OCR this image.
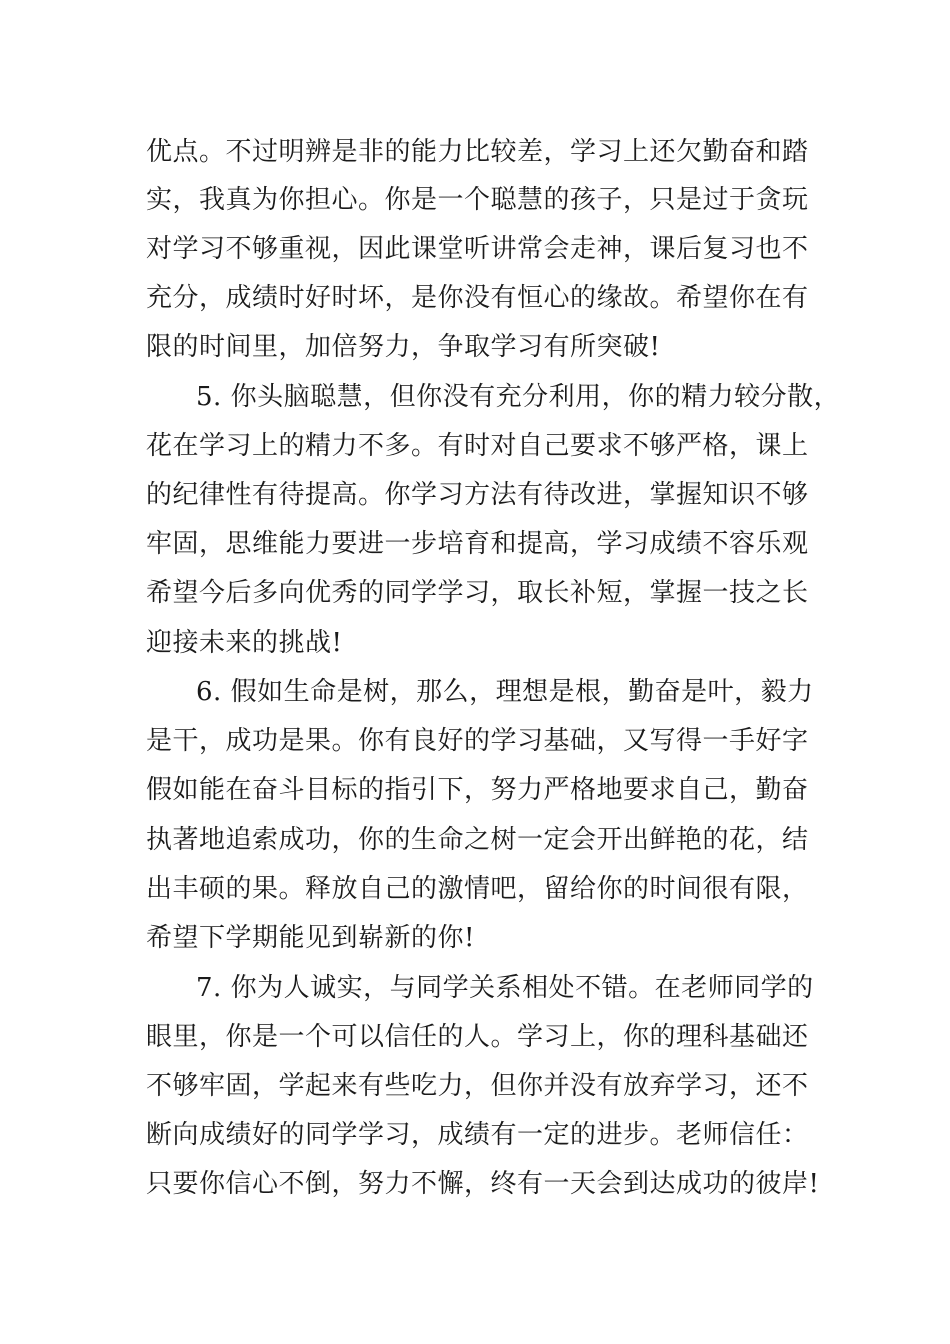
优点。不过明辨是非的能力比较差，学习上还欠勤奋和踏
实，我真为你担心。你是一个聪慧的孩子，只是过于贪玩
对学习不够重视，因此课堂听讲常会走神，课后复习也不
充分，成绩时好时坏，是你没有恒心的缘故。希望你在有
限的时间里，加倍努力，争取学习有所突破!
5. 你头脑聪慧，但你没有充分利用，你的精力较分散，
花在学习上的精力不多。有时对自己要求不够严格，课上
的纪律性有待提高。你学习方法有待改进，掌握知识不够
牢固，思维能力要进一步培育和提高，学习成绩不容乐观
希望今后多向优秀的同学学习，取长补短，掌握一技之长
迎接未来的挑战!
6. 假如生命是树，那么，理想是根，勤奋是叶，毅力
是干，成功是果。你有良好的学习基础，又写得一手好字
假如能在奋斗目标的指引下，努力严格地要求自己，勤奋
执著地追索成功，你的生命之树一定会开出鲜艳的花，结
出丰硕的果。释放自己的激情吧，留给你的时间很有限，
希望下学期能见到崭新的你!
7. 你为人诚实，与同学关系相处不错。在老师同学的
眼里，你是一个可以信任的人。学习上，你的理科基础还
不够牢固，学起来有些吃力，但你并没有放弃学习，还不
断向成绩好的同学学习，成绩有一定的进步。老师信任：
只要你信心不倒，努力不懈，终有一天会到达成功的彼岸!
